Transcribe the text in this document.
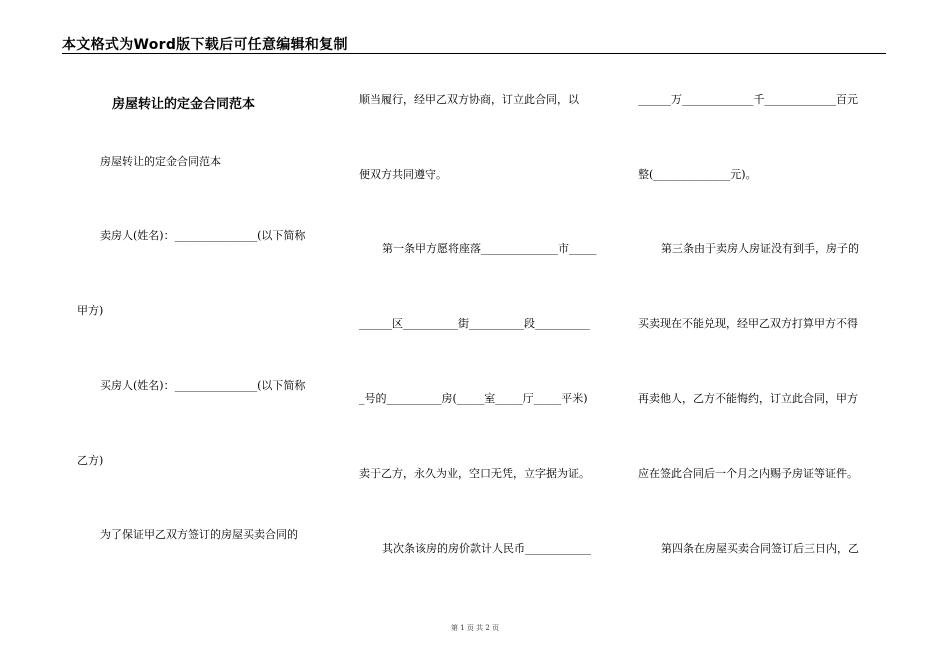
本文格式为Word版下载后可任意编辑和复制
房屋转让的定金合同范本
房屋转让的定金合同范本
卖房人(姓名)：_______________(以下简称
甲方)
买房人(姓名)：_______________(以下简称
乙方)
为了保证甲乙双方签订的房屋买卖合同的
顺当履行，经甲乙双方协商，订立此合同，以
便双方共同遵守。
第一条甲方愿将座落______________市_____
______区__________街__________段__________
_号的__________房(_____室_____厅_____平米)
卖于乙方，永久为业，空口无凭，立字据为证。
其次条该房的房价款计人民币____________
______万_____________千_____________百元
整(______________元)。
第三条由于卖房人房证没有到手，房子的
买卖现在不能兑现，经甲乙双方打算甲方不得
再卖他人，乙方不能悔约，订立此合同，甲方
应在签此合同后一个月之内赐予房证等证件。
第四条在房屋买卖合同签订后三日内，乙
第 1 页 共 2 页
